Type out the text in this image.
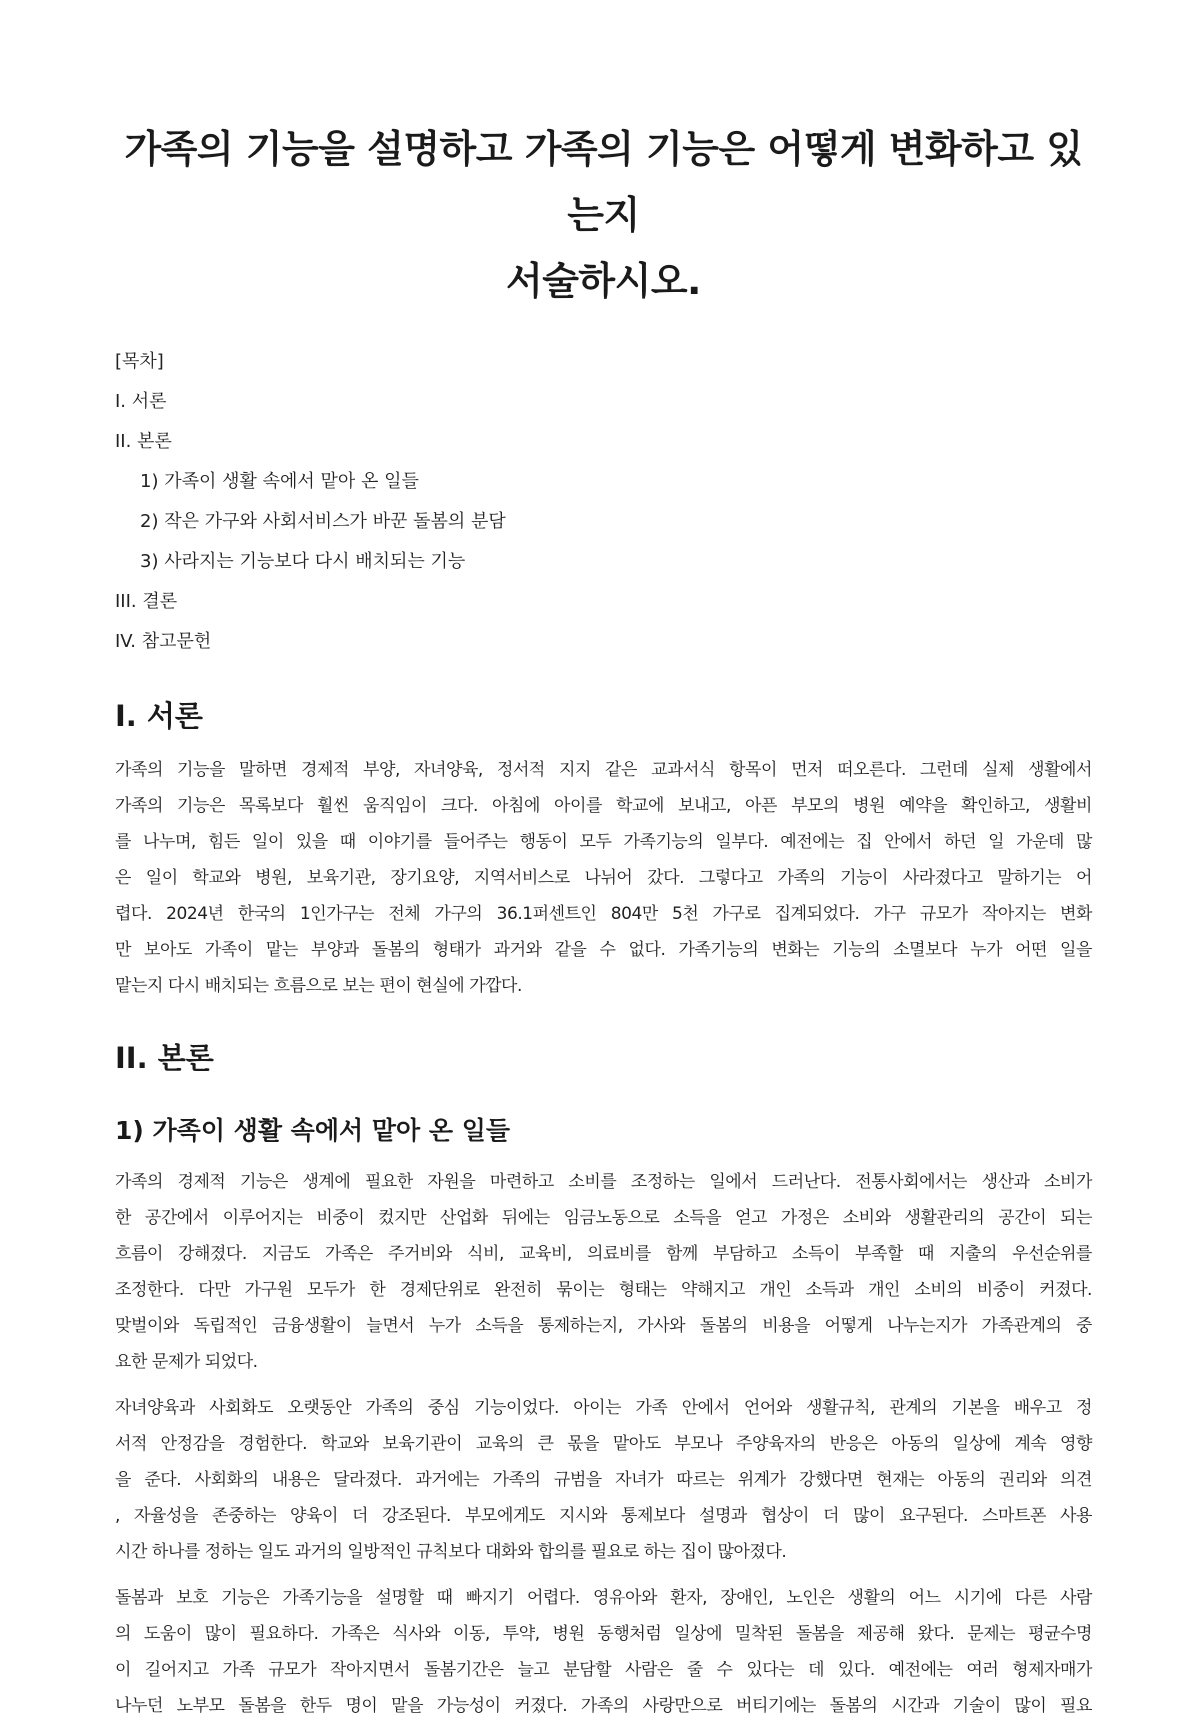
가족의 기능을 설명하고 가족의 기능은 어떻게 변화하고 있는지
서술하시오.
[목차]
I. 서론
II. 본론
1) 가족이 생활 속에서 맡아 온 일들
2) 작은 가구와 사회서비스가 바꾼 돌봄의 분담
3) 사라지는 기능보다 다시 배치되는 기능
III. 결론
IV. 참고문헌
I. 서론

가족의 기능을 말하면 경제적 부양, 자녀양육, 정서적 지지 같은 교과서식 항목이 먼저 떠오른다. 그런데 실제 생활에서
가족의 기능은 목록보다 훨씬 움직임이 크다. 아침에 아이를 학교에 보내고, 아픈 부모의 병원 예약을 확인하고, 생활비
를 나누며, 힘든 일이 있을 때 이야기를 들어주는 행동이 모두 가족기능의 일부다. 예전에는 집 안에서 하던 일 가운데 많
은 일이 학교와 병원, 보육기관, 장기요양, 지역서비스로 나뉘어 갔다. 그렇다고 가족의 기능이 사라졌다고 말하기는 어
렵다. 2024년 한국의 1인가구는 전체 가구의 36.1퍼센트인 804만 5천 가구로 집계되었다. 가구 규모가 작아지는 변화
만 보아도 가족이 맡는 부양과 돌봄의 형태가 과거와 같을 수 없다. 가족기능의 변화는 기능의 소멸보다 누가 어떤 일을
맡는지 다시 배치되는 흐름으로 보는 편이 현실에 가깝다.

II. 본론
1) 가족이 생활 속에서 맡아 온 일들

가족의 경제적 기능은 생계에 필요한 자원을 마련하고 소비를 조정하는 일에서 드러난다. 전통사회에서는 생산과 소비가
한 공간에서 이루어지는 비중이 컸지만 산업화 뒤에는 임금노동으로 소득을 얻고 가정은 소비와 생활관리의 공간이 되는
흐름이 강해졌다. 지금도 가족은 주거비와 식비, 교육비, 의료비를 함께 부담하고 소득이 부족할 때 지출의 우선순위를
조정한다. 다만 가구원 모두가 한 경제단위로 완전히 묶이는 형태는 약해지고 개인 소득과 개인 소비의 비중이 커졌다.
맞벌이와 독립적인 금융생활이 늘면서 누가 소득을 통제하는지, 가사와 돌봄의 비용을 어떻게 나누는지가 가족관계의 중
요한 문제가 되었다.

자녀양육과 사회화도 오랫동안 가족의 중심 기능이었다. 아이는 가족 안에서 언어와 생활규칙, 관계의 기본을 배우고 정
서적 안정감을 경험한다. 학교와 보육기관이 교육의 큰 몫을 맡아도 부모나 주양육자의 반응은 아동의 일상에 계속 영향
을 준다. 사회화의 내용은 달라졌다. 과거에는 가족의 규범을 자녀가 따르는 위계가 강했다면 현재는 아동의 권리와 의견
, 자율성을 존중하는 양육이 더 강조된다. 부모에게도 지시와 통제보다 설명과 협상이 더 많이 요구된다. 스마트폰 사용
시간 하나를 정하는 일도 과거의 일방적인 규칙보다 대화와 합의를 필요로 하는 집이 많아졌다.

돌봄과 보호 기능은 가족기능을 설명할 때 빠지기 어렵다. 영유아와 환자, 장애인, 노인은 생활의 어느 시기에 다른 사람
의 도움이 많이 필요하다. 가족은 식사와 이동, 투약, 병원 동행처럼 일상에 밀착된 돌봄을 제공해 왔다. 문제는 평균수명
이 길어지고 가족 규모가 작아지면서 돌봄기간은 늘고 분담할 사람은 줄 수 있다는 데 있다. 예전에는 여러 형제자매가
나누던 노부모 돌봄을 한두 명이 맡을 가능성이 커졌다. 가족의 사랑만으로 버티기에는 돌봄의 시간과 기술이 많이 필요
